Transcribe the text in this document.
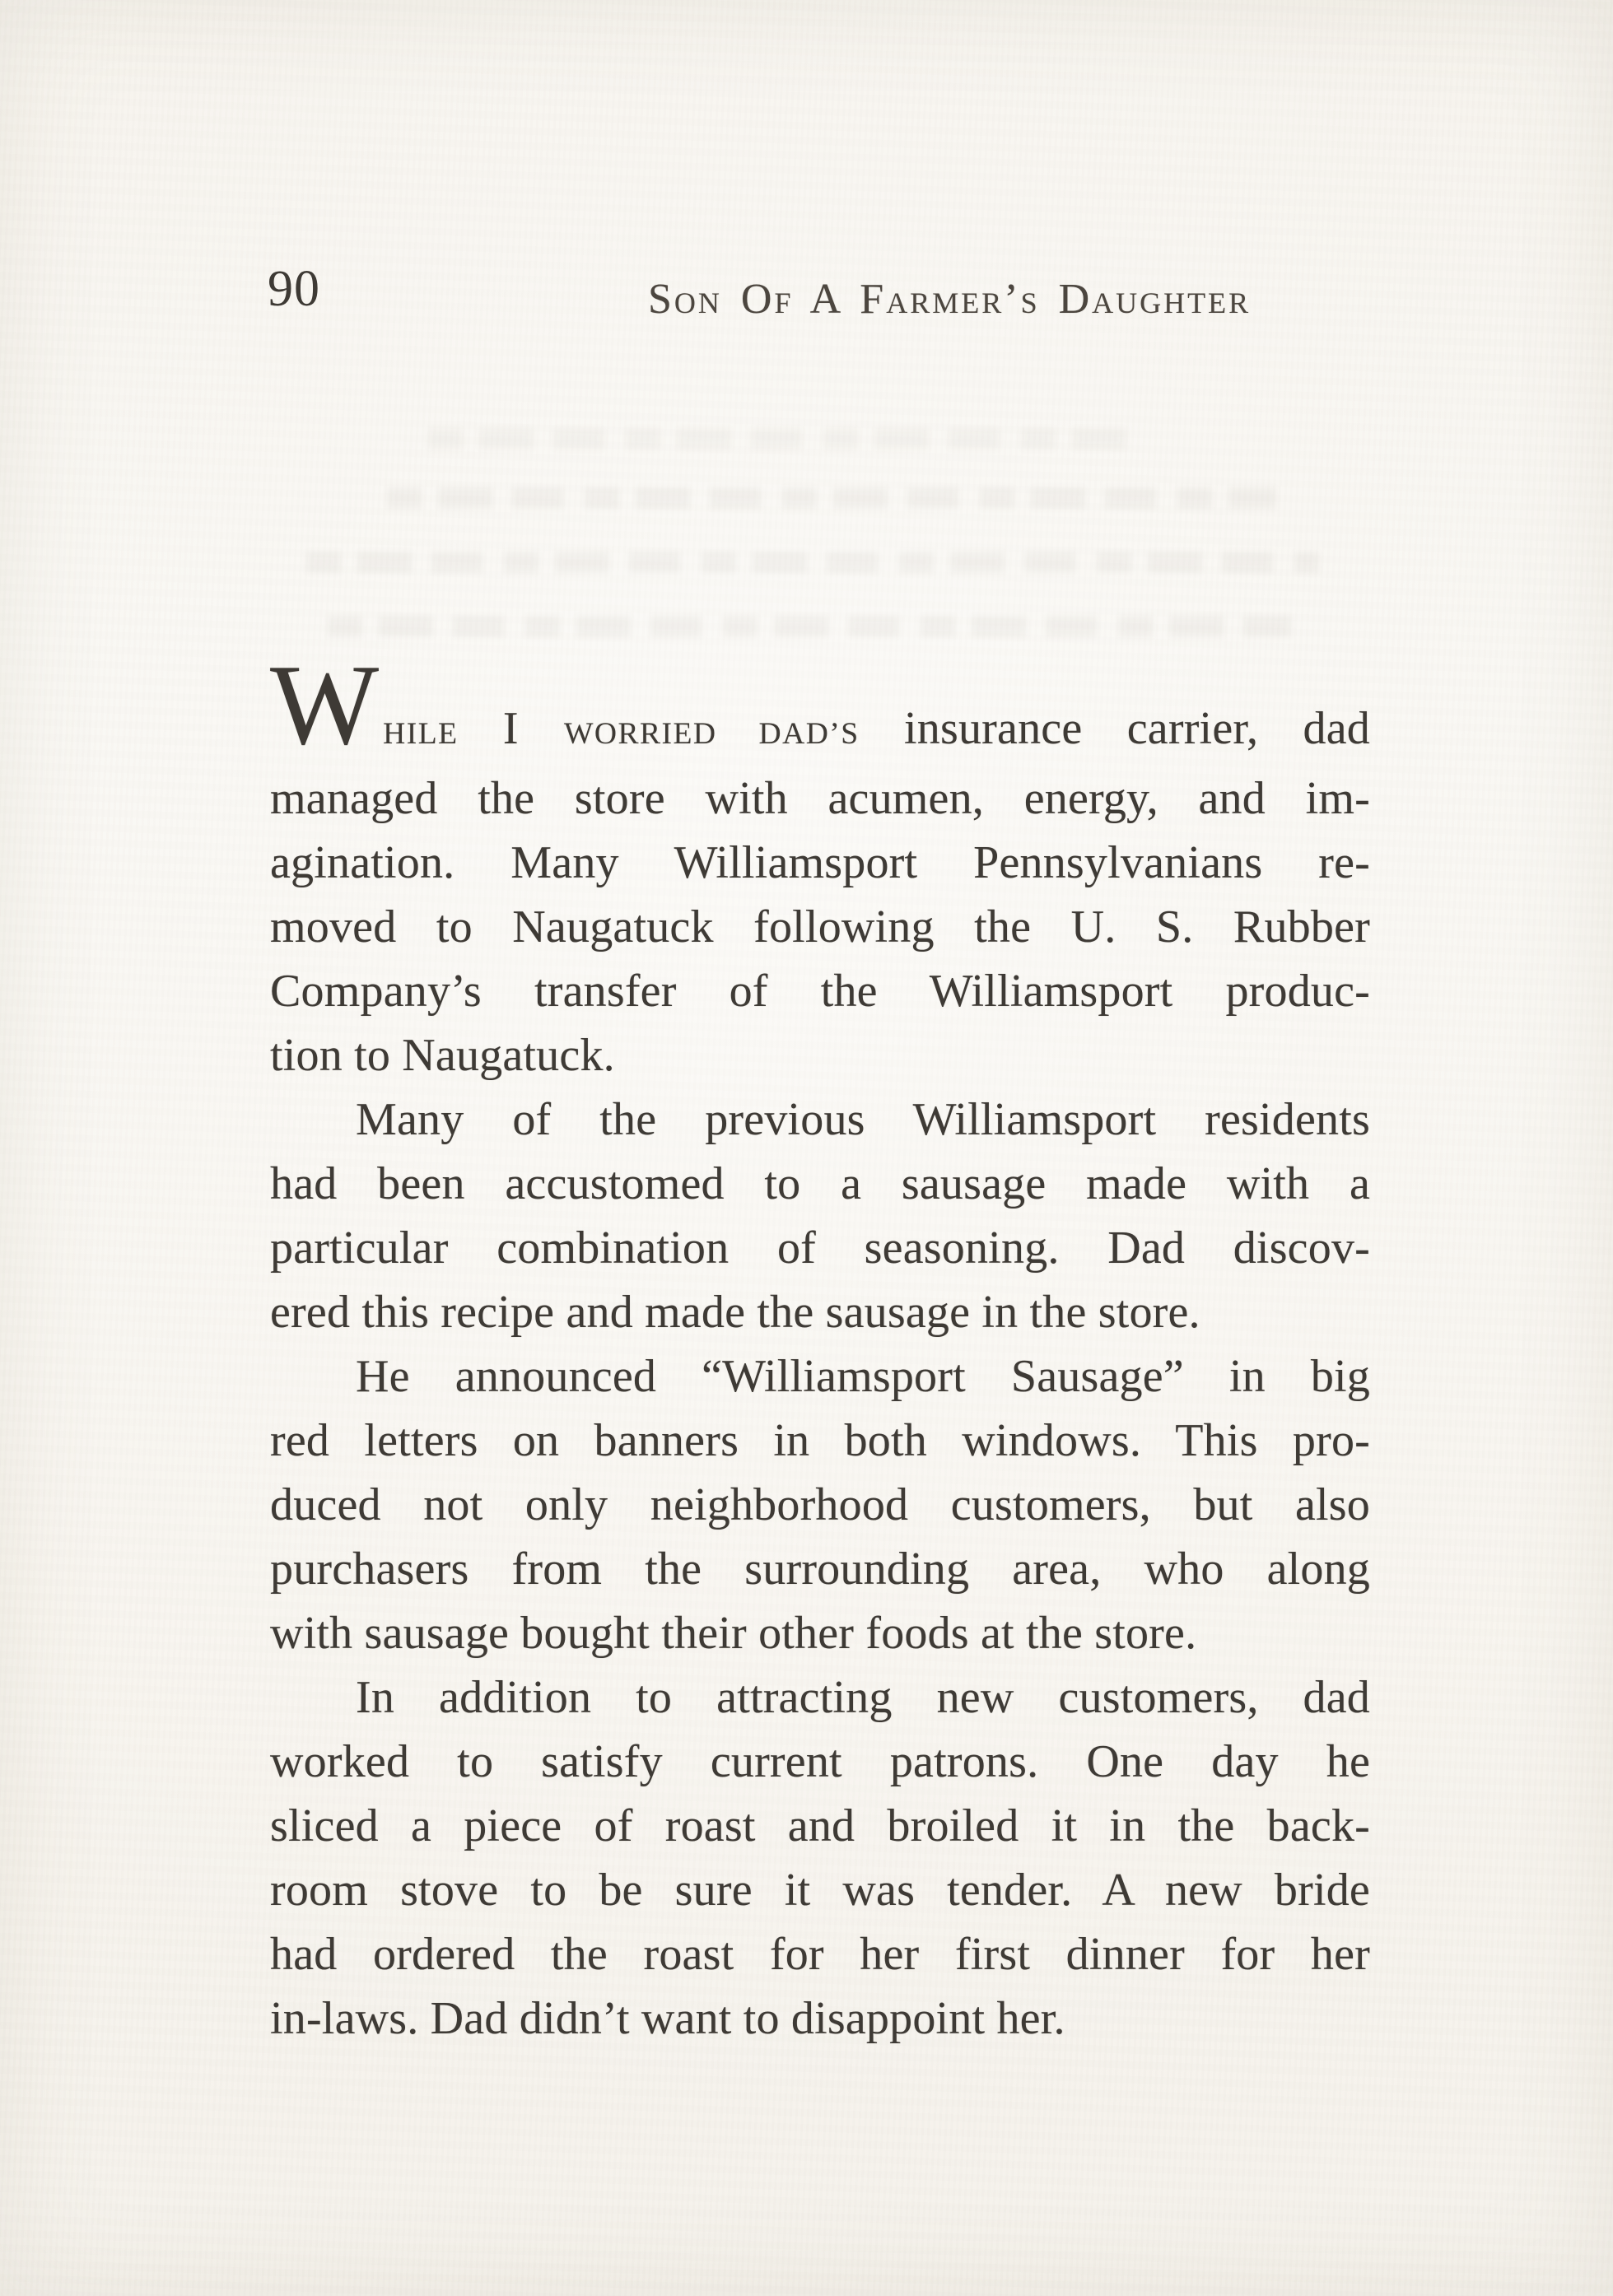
90	Son Of A Farmer’s Daughter
WHILE I WORRIED DAD’S insurance carrier, dad
managed the store with acumen, energy, and im-
agination. Many Williamsport Pennsylvanians re-
moved to Naugatuck following the U. S. Rubber
Company’s transfer of the Williamsport produc-
tion to Naugatuck.
Many of the previous Williamsport residents
had been accustomed to a sausage made with a
particular combination of seasoning. Dad discov-
ered this recipe and made the sausage in the store.
He announced “Williamsport Sausage” in big
red letters on banners in both windows. This pro-
duced not only neighborhood customers, but also
purchasers from the surrounding area, who along
with sausage bought their other foods at the store.
In addition to attracting new customers, dad
worked to satisfy current patrons. One day he
sliced a piece of roast and broiled it in the back-
room stove to be sure it was tender. A new bride
had ordered the roast for her first dinner for her
in-laws. Dad didn’t want to disappoint her.
